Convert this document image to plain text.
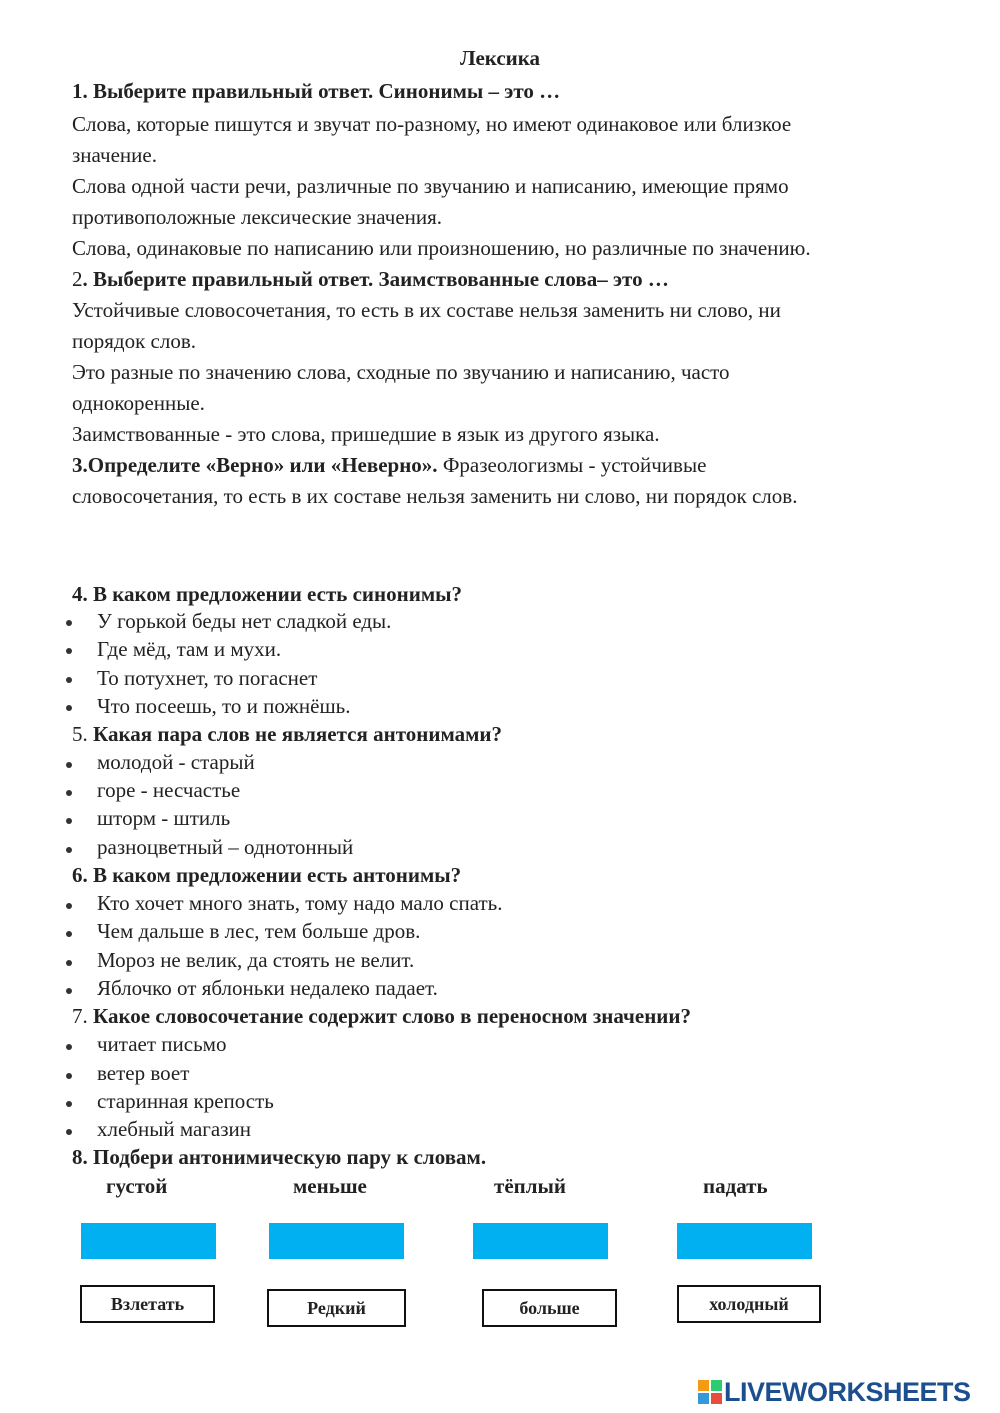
Лексика
1. Выберите правильный ответ. Синонимы – это …
Слова, которые пишутся и звучат по-разному, но имеют одинаковое или близкое
значение.
Слова одной части речи, различные по звучанию и написанию, имеющие прямо
противоположные лексические значения.
Слова, одинаковые по написанию или произношению, но различные по значению.
2. Выберите правильный ответ. Заимствованные слова– это …
Устойчивые словосочетания, то есть в их составе нельзя заменить ни слово, ни
порядок слов.
Это разные по значению слова, сходные по звучанию и написанию, часто
однокоренные.
Заимствованные - это слова, пришедшие в язык из другого языка.
3.Определите «Верно» или «Неверно». Фразеологизмы - устойчивые
словосочетания, то есть в их составе нельзя заменить ни слово, ни порядок слов.
4. В каком предложении есть синонимы?
У горькой беды нет сладкой еды.
Где мёд, там и мухи.
То потухнет, то погаснет
Что посеешь, то и пожнёшь.
5. Какая пара слов не является антонимами?
молодой - старый
горе - несчастье
шторм - штиль
разноцветный – однотонный
6. В каком предложении есть антонимы?
Кто хочет много знать, тому надо мало спать.
Чем дальше в лес, тем больше дров.
Мороз не велик, да стоять не велит.
Яблочко от яблоньки недалеко падает.
7. Какое словосочетание содержит слово в переносном значении?
читает письмо
ветер воет
старинная крепость
хлебный магазин
8. Подбери антонимическую пару к словам.
густой	меньше	тёплый	падать
Взлетать	Редкий	больше	холодный
LIVEWORKSHEETS
